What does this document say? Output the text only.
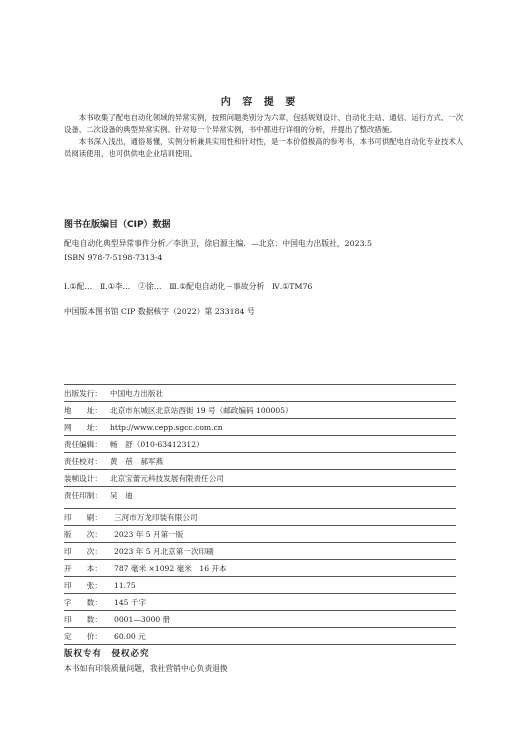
内 容 提 要

本书收集了配电自动化领域的异常实例，按照问题类别分为六章，包括规划设计、自动化主站、通信、运行方式、一次设备、二次设备的典型异常实例。针对每一个异常实例，书中都进行详细的分析，并提出了整改措施。

本书深入浅出，通俗易懂，实例分析兼具实用性和针对性，是一本价值极高的参考书，本书可供配电自动化专业技术人员阅读使用，也可供供电企业培训使用。

图书在版编目（CIP）数据
配电自动化典型异常事件分析／李洪卫，徐启源主编．—北京：中国电力出版社，2023.5
ISBN 978-7-5198-7313-4
Ⅰ.①配…　Ⅱ.①李…　②徐…　Ⅲ.①配电自动化－事故分析　Ⅳ.①TM76
中国版本图书馆 CIP 数据核字（2022）第 233184 号
出版发行： 中国电力出版社
地　　址： 北京市东城区北京站西街 19 号（邮政编码 100005）
网　　址： http://www.cepp.sgcc.com.cn
责任编辑： 畅　舒（010-63412312）
责任校对： 黄　蓓　郝军燕
装帧设计： 北京宝蕾元科技发展有限责任公司
责任印制： 吴　迪
印　　刷： 三河市万龙印装有限公司
版　　次： 2023 年 5 月第一版
印　　次： 2023 年 5 月北京第一次印刷
开　　本： 787 毫米 ×1092 毫米　16 开本
印　　张： 11.75
字　　数： 145 千字
印　　数： 0001—3000 册
定　　价： 60.00 元
版权专有　侵权必究
本书如有印装质量问题，我社营销中心负责退换
